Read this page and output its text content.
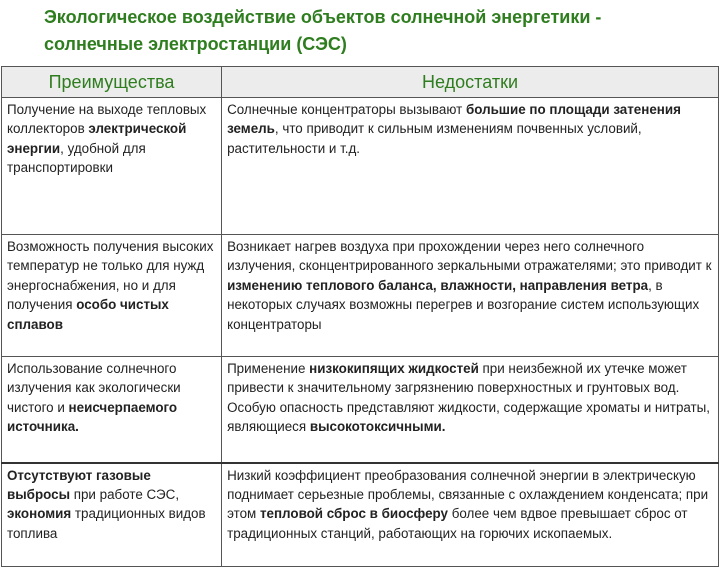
Экологическое воздействие объектов солнечной энергетики -
солнечные электростанции (СЭС)
Преимущества	Недостатки
Получение на выходе тепловых коллекторов электрической энергии, удобной для транспортировки	Солнечные концентраторы вызывают большие по площади затенения земель, что приводит к сильным изменениям почвенных условий, растительности и т.д.
Возможность получения высоких температур не только для нужд энергоснабжения, но и для получения особо чистых сплавов	Возникает нагрев воздуха при прохождении через него солнечного излучения, сконцентрированного зеркальными отражателями; это приводит к изменению теплового баланса, влажности, направления ветра, в некоторых случаях возможны перегрев и возгорание систем использующих концентраторы
Использование солнечного излучения как экологически чистого и неисчерпаемого источника.	Применение низкокипящих жидкостей при неизбежной их утечке может привести к значительному загрязнению поверхностных и грунтовых вод. Особую опасность представляют жидкости, содержащие хроматы и нитраты, являющиеся высокотоксичными.
Отсутствуют газовые выбросы при работе СЭС, экономия традиционных видов топлива	Низкий коэффициент преобразования солнечной энергии в электрическую поднимает серьезные проблемы, связанные с охлаждением конденсата; при этом тепловой сброс в биосферу более чем вдвое превышает сброс от традиционных станций, работающих на горючих ископаемых.
